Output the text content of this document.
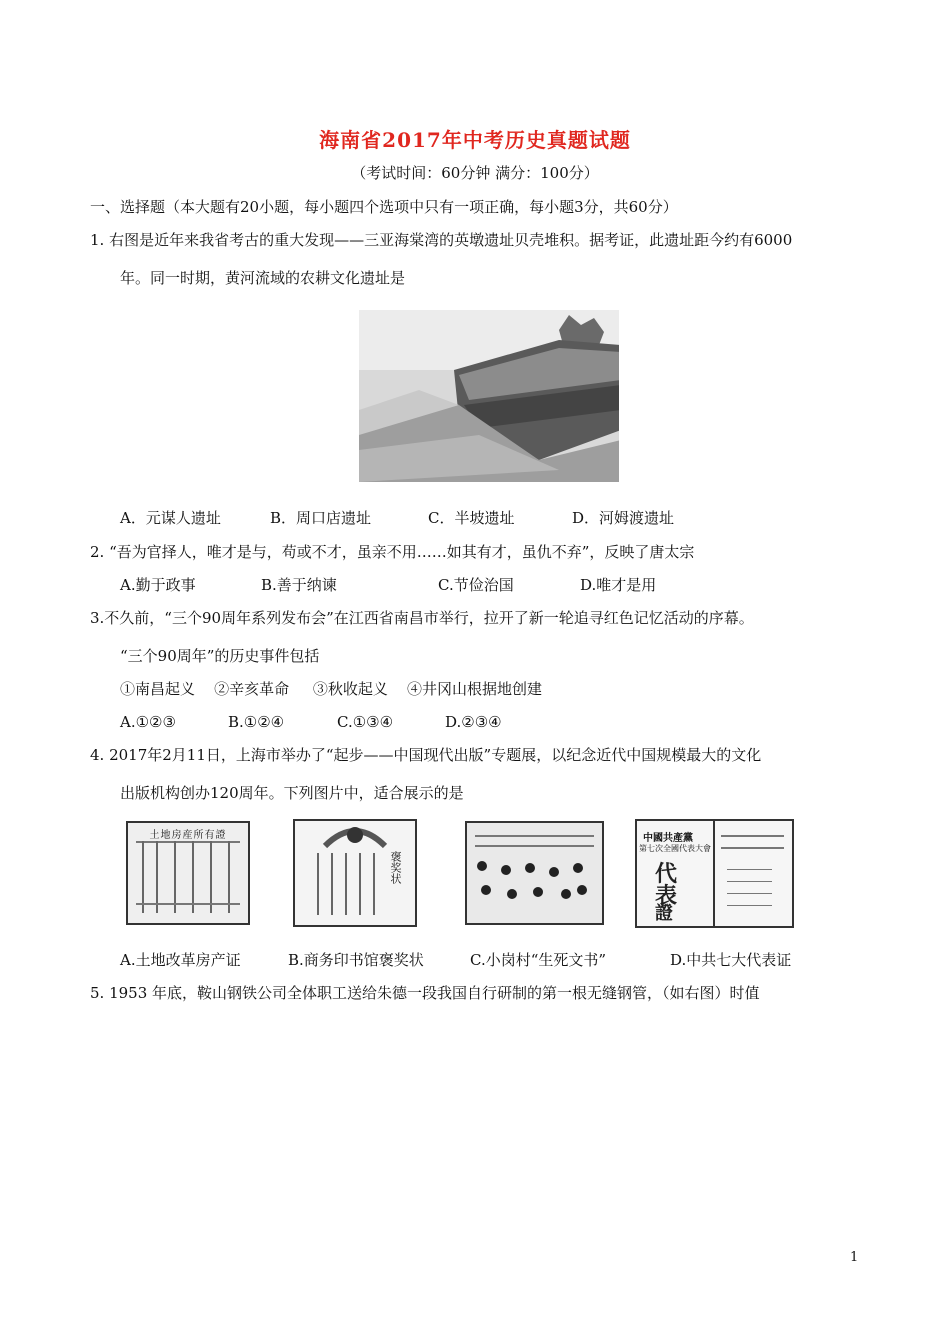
海南省2017年中考历史真题试题
（考试时间：60分钟 满分：100分）
一、选择题（本大题有20小题，每小题四个选项中只有一项正确，每小题3分，共60分）
1. 右图是近年来我省考古的重大发现——三亚海棠湾的英墩遗址贝壳堆积。据考证，此遗址距今约有6000
年。同一时期，黄河流域的农耕文化遗址是
A．元谋人遗址	B．周口店遗址	C．半坡遗址	D．河姆渡遗址
2. “吾为官择人，唯才是与，苟或不才，虽亲不用……如其有才，虽仇不弃”，反映了唐太宗
A.勤于政事	B.善于纳谏	C.节俭治国	D.唯才是用
3.不久前，“三个90周年系列发布会”在江西省南昌市举行，拉开了新一轮追寻红色记忆活动的序幕。
“三个90周年”的历史事件包括
①南昌起义    ②辛亥革命     ③秋收起义    ④井冈山根据地创建
A.①②③	B.①②④	C.①③④	D.②③④
4. 2017年2月11日，上海市举办了“起步——中国现代出版”专题展，以纪念近代中国规模最大的文化
出版机构创办120周年。下列图片中，适合展示的是
土地房産所有證
褒奖状
中國共產黨
第七次全國代表大會
代
表
證
A.土地改革房产证	B.商务印书馆褒奖状	C.小岗村“生死文书”	D.中共七大代表证
5. 1953 年底，鞍山钢铁公司全体职工送给朱德一段我国自行研制的第一根无缝钢管，（如右图）时值
1
